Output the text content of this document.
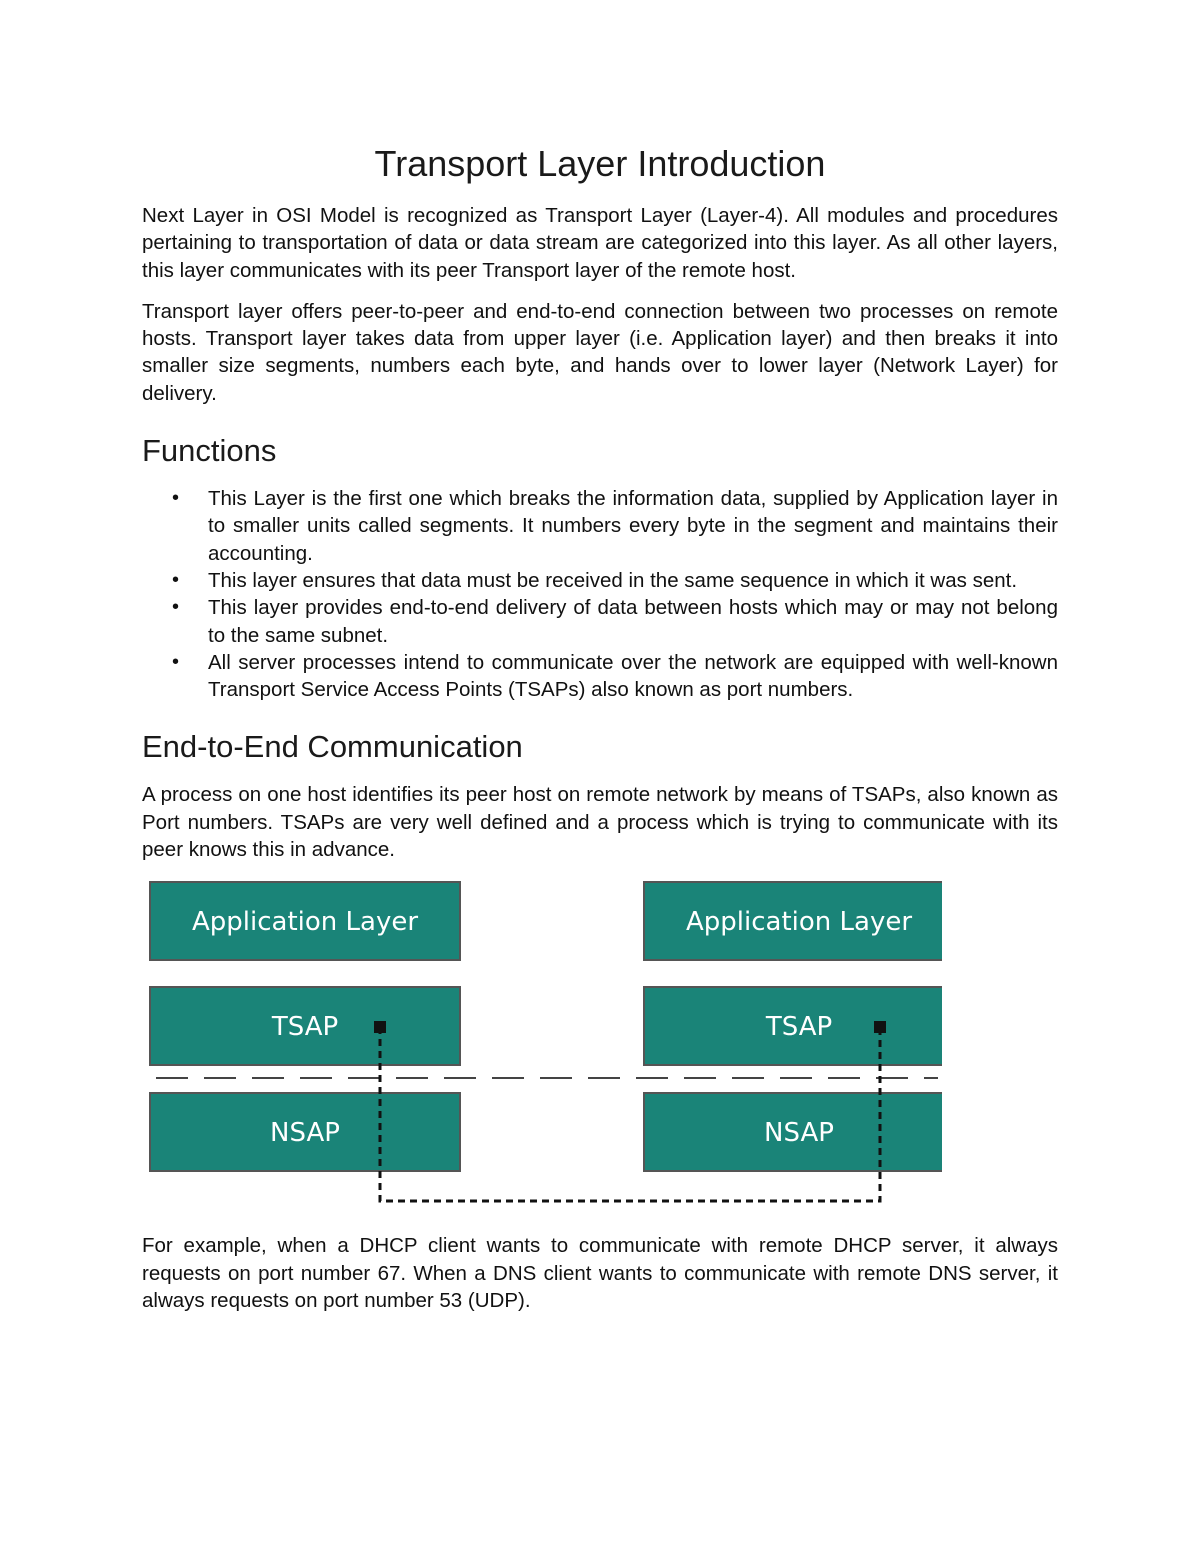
Transport Layer Introduction

Next Layer in OSI Model is recognized as Transport Layer (Layer-4). All modules and procedures pertaining to transportation of data or data stream are categorized into this layer. As all other layers, this layer communicates with its peer Transport layer of the remote host.

Transport layer offers peer-to-peer and end-to-end connection between two processes on remote hosts. Transport layer takes data from upper layer (i.e. Application layer) and then breaks it into smaller size segments, numbers each byte, and hands over to lower layer (Network Layer) for delivery.

Functions
• This Layer is the first one which breaks the information data, supplied by Application layer in to smaller units called segments. It numbers every byte in the segment and maintains their accounting.
• This layer ensures that data must be received in the same sequence in which it was sent.
• This layer provides end-to-end delivery of data between hosts which may or may not belong to the same subnet.
• All server processes intend to communicate over the network are equipped with well-known Transport Service Access Points (TSAPs) also known as port numbers.
End-to-End Communication

A process on one host identifies its peer host on remote network by means of TSAPs, also known as Port numbers. TSAPs are very well defined and a process which is trying to communicate with its peer knows this in advance.

Application Layer
TSAP
NSAP
Application Layer
TSAP
NSAP

For example, when a DHCP client wants to communicate with remote DHCP server, it always requests on port number 67. When a DNS client wants to communicate with remote DNS server, it always requests on port number 53 (UDP).
